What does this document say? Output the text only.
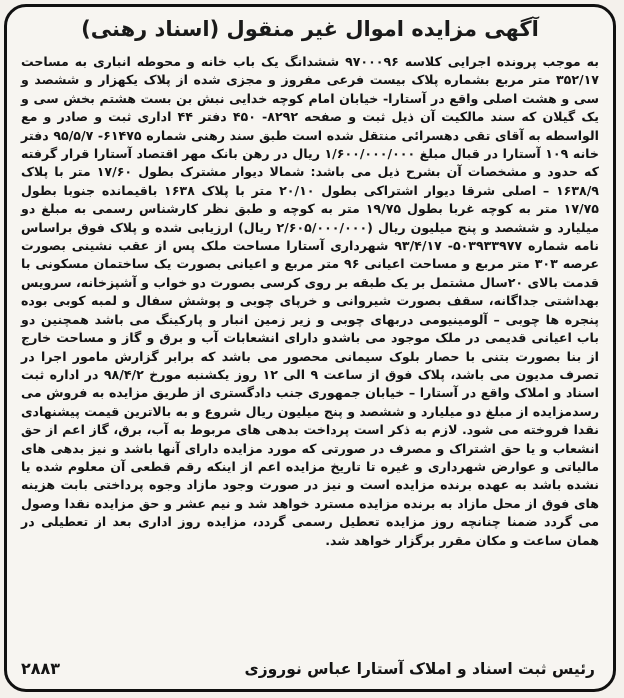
آگهی مزایده اموال غیر منقول (اسناد رهنی)

به موجب پرونده اجرایی کلاسه ۹۷۰۰۰۹۶ ششدانگ یک باب خانه و محوطه انباری به مساحت ۳۵۲/۱۷ متر مربع بشماره پلاک بیست فرعی مفروز و مجزی شده از پلاک یکهزار و ششصد و سی و هشت اصلی واقع در آستارا- خیابان امام کوچه خدایی نبش بن بست هشتم بخش سی و یک گیلان که سند مالکیت آن ذیل ثبت و صفحه ۸۲۹۲- ۴۵۰ دفتر ۴۴ اداری ثبت و صادر و مع الواسطه به آقای تقی دهسرائی منتقل شده است طبق سند رهنی شماره ۶۱۴۷۵- ۹۵/۵/۷ دفتر خانه ۱۰۹ آستارا در قبال مبلغ ۱/۶۰۰/۰۰۰/۰۰۰ ریال در رهن بانک مهر اقتصاد آستارا قرار گرفته که حدود و مشخصات آن بشرح ذیل می باشد: شمالا دیوار مشترک بطول ۱۷/۶۰ متر با پلاک ۱۶۳۸/۹ – اصلی شرقا دیوار اشتراکی بطول ۲۰/۱۰ متر با پلاک ۱۶۳۸ باقیمانده جنوبا بطول ۱۷/۷۵ متر به کوچه غربا بطول ۱۹/۷۵ متر به کوچه و طبق نظر کارشناس رسمی به مبلغ دو میلیارد و ششصد و پنج میلیون ریال (۲/۶۰۵/۰۰۰/۰۰۰ ریال) ارزیابی شده و پلاک فوق براساس نامه شماره ۵۰۳۹۳۳۹۷۷- ۹۳/۴/۱۷ شهرداری آستارا مساحت ملک پس از عقب نشینی بصورت عرصه ۳۰۳ متر مربع و مساحت اعیانی ۹۶ متر مربع و اعیانی بصورت یک ساختمان مسکونی با قدمت بالای ۲۰سال مشتمل بر یک طبقه بر روی کرسی بصورت دو خواب و آشپزخانه، سرویس بهداشتی جداگانه، سقف بصورت شیروانی و خرپای چوبی و پوشش سفال و لمبه کوبی بوده پنجره ها چوبی – آلومینیومی دربهای چوبی و زیر زمین انبار و پارکینگ می باشد همچنین دو باب اعیانی قدیمی در ملک موجود می باشدو دارای انشعابات آب و برق و گاز و مساحت خارج از بنا بصورت بتنی با حصار بلوک سیمانی محصور می باشد که برابر گزارش مامور اجرا در تصرف مدیون می باشد، پلاک فوق از ساعت ۹ الی ۱۲ روز یکشنبه مورخ ۹۸/۴/۲ در اداره ثبت اسناد و املاک واقع در آستارا – خیابان جمهوری جنب دادگستری از طریق مزایده به فروش می رسدمزایده از مبلغ دو میلیارد و ششصد و پنج میلیون ریال شروع و به بالاترین قیمت پیشنهادی نقدا فروخته می شود. لازم به ذکر است پرداخت بدهی های مربوط به آب، برق، گاز اعم از حق انشعاب و یا حق اشتراک و مصرف در صورتی که مورد مزایده دارای آنها باشد و نیز بدهی های مالیاتی و عوارض شهرداری و غیره تا تاریخ مزایده اعم از اینکه رقم قطعی آن معلوم شده یا نشده باشد به عهده برنده مزایده است و نیز در صورت وجود مازاد وجوه پرداختی بابت هزینه های فوق از محل مازاد به برنده مزایده مسترد خواهد شد و نیم عشر و حق مزایده نقدا وصول می گردد ضمنا چنانچه روز مزایده تعطیل رسمی گردد، مزایده روز اداری بعد از تعطیلی در همان ساعت و مکان مقرر برگزار خواهد شد.

رئیس ثبت اسناد و املاک آستارا عباس نوروزی
۲۸۸۳
